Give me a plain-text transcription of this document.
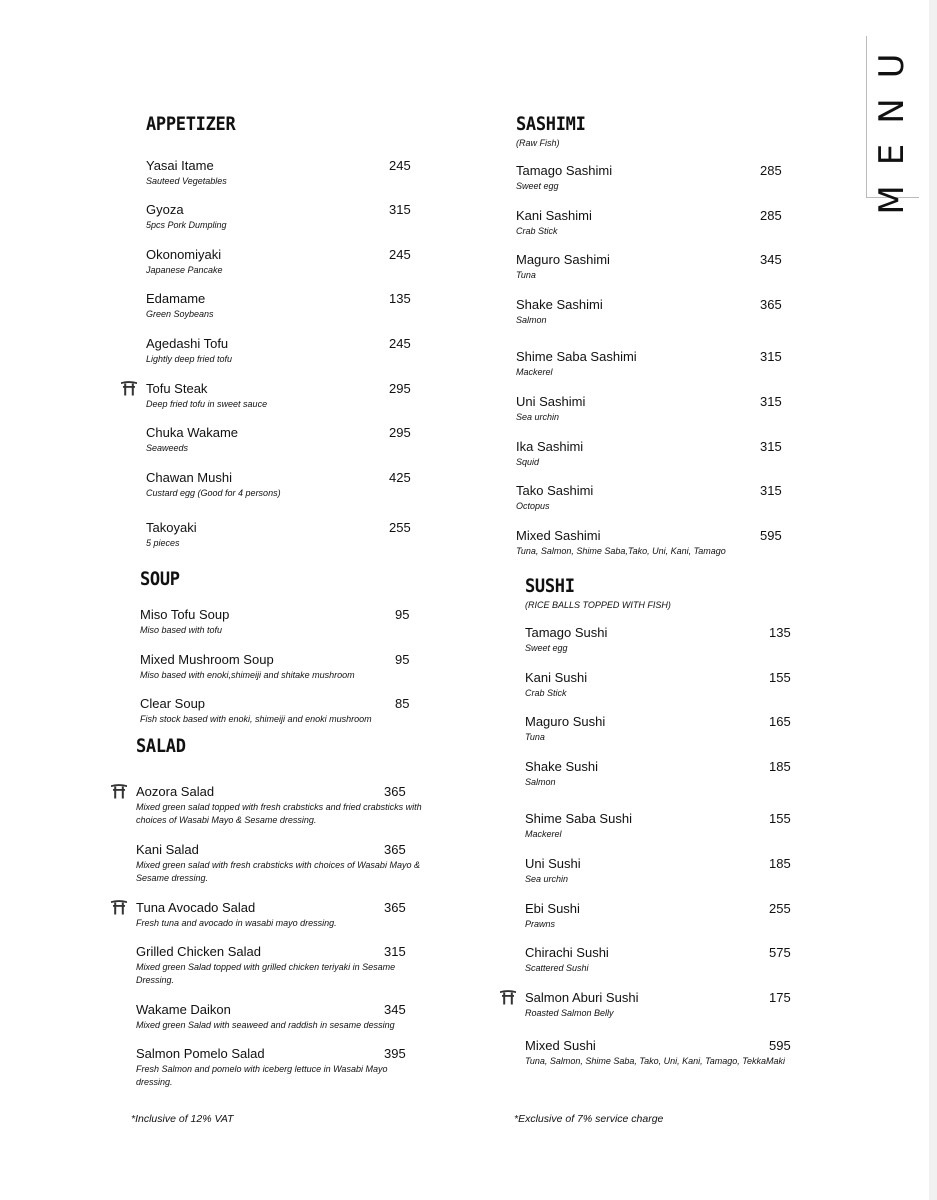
MENU
APPETIZER
Yasai Itame	245
Sauteed Vegetables
Gyoza	315
5pcs Pork Dumpling
Okonomiyaki	245
Japanese Pancake
Edamame	135
Green Soybeans
Agedashi Tofu	245
Lightly deep fried tofu
Tofu Steak	295
Deep fried tofu in sweet sauce
Chuka Wakame	295
Seaweeds
Chawan Mushi	425
Custard egg (Good for 4 persons)
Takoyaki	255
5 pieces
SOUP
Miso Tofu Soup	95
Miso based with tofu
Mixed Mushroom Soup	95
Miso based with enoki,shimeiji and shitake mushroom
Clear Soup	85
Fish stock based with enoki, shimeiji and enoki mushroom
SALAD
Aozora Salad	365
Mixed green salad topped with fresh crabsticks and fried crabsticks with choices of Wasabi Mayo & Sesame dressing.
Kani Salad	365
Mixed green salad with fresh crabsticks with choices of Wasabi Mayo & Sesame dressing.
Tuna Avocado Salad	365
Fresh tuna and avocado in wasabi mayo dressing.
Grilled Chicken Salad	315
Mixed green Salad topped with grilled chicken teriyaki in Sesame Dressing.
Wakame Daikon	345
Mixed green Salad with seaweed and raddish in sesame dessing
Salmon Pomelo Salad	395
Fresh Salmon and pomelo with iceberg lettuce in Wasabi Mayo dressing.
SASHIMI
(Raw Fish)
Tamago Sashimi	285
Sweet egg
Kani Sashimi	285
Crab Stick
Maguro Sashimi	345
Tuna
Shake Sashimi	365
Salmon
Shime Saba Sashimi	315
Mackerel
Uni Sashimi	315
Sea urchin
Ika Sashimi	315
Squid
Tako Sashimi	315
Octopus
Mixed Sashimi	595
Tuna, Salmon, Shime Saba,Tako, Uni, Kani, Tamago
SUSHI
(RICE BALLS TOPPED WITH FISH)
Tamago Sushi	135
Sweet egg
Kani Sushi	155
Crab Stick
Maguro Sushi	165
Tuna
Shake Sushi	185
Salmon
Shime Saba Sushi	155
Mackerel
Uni Sushi	185
Sea urchin
Ebi Sushi	255
Prawns
Chirachi Sushi	575
Scattered Sushi
Salmon Aburi Sushi	175
Roasted Salmon Belly
Mixed Sushi	595
Tuna, Salmon, Shime Saba, Tako, Uni, Kani, Tamago, TekkaMaki
*Inclusive of 12% VAT	*Exclusive of 7% service charge
